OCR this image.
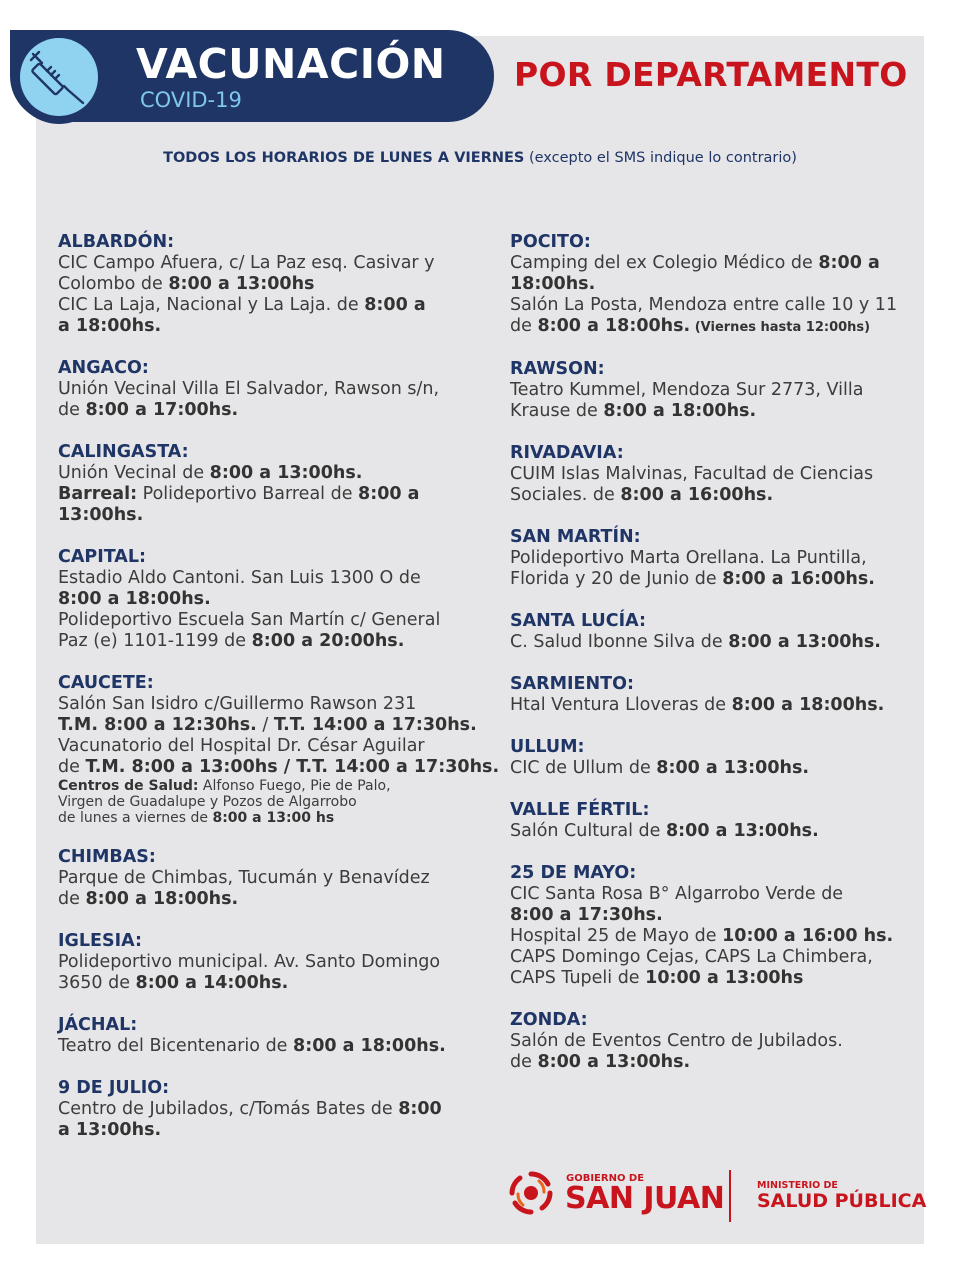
VACUNACIÓN
COVID-19
POR DEPARTAMENTO
TODOS LOS HORARIOS DE LUNES A VIERNES (excepto el SMS indique lo contrario)
ALBARDÓN:
CIC Campo Afuera, c/ La Paz esq. Casivar y
Colombo de 8:00 a 13:00hs
CIC La Laja, Nacional y La Laja. de 8:00 a
a 18:00hs.
ANGACO:
Unión Vecinal Villa El Salvador, Rawson s/n,
de 8:00 a 17:00hs.
CALINGASTA:
Unión Vecinal de 8:00 a 13:00hs.
Barreal: Polideportivo Barreal de 8:00 a
13:00hs.
CAPITAL:
Estadio Aldo Cantoni. San Luis 1300 O de
8:00 a 18:00hs.
Polideportivo Escuela San Martín c/ General
Paz (e) 1101-1199 de 8:00 a 20:00hs.
CAUCETE:
Salón San Isidro c/Guillermo Rawson 231
T.M. 8:00 a 12:30hs. / T.T. 14:00 a 17:30hs.
Vacunatorio del Hospital Dr. César Aguilar
de T.M. 8:00 a 13:00hs / T.T. 14:00 a 17:30hs.
Centros de Salud: Alfonso Fuego, Pie de Palo,
Virgen de Guadalupe y Pozos de Algarrobo
de lunes a viernes de 8:00 a 13:00 hs
CHIMBAS:
Parque de Chimbas, Tucumán y Benavídez
de 8:00 a 18:00hs.
IGLESIA:
Polideportivo municipal. Av. Santo Domingo
3650 de 8:00 a 14:00hs.
JÁCHAL:
Teatro del Bicentenario de 8:00 a 18:00hs.
9 DE JULIO:
Centro de Jubilados, c/Tomás Bates de 8:00
a 13:00hs.
POCITO:
Camping del ex Colegio Médico de 8:00 a
18:00hs.
Salón La Posta, Mendoza entre calle 10 y 11
de 8:00 a 18:00hs. (Viernes hasta 12:00hs)
RAWSON:
Teatro Kummel, Mendoza Sur 2773, Villa
Krause de 8:00 a 18:00hs.
RIVADAVIA:
CUIM Islas Malvinas, Facultad de Ciencias
Sociales. de 8:00 a 16:00hs.
SAN MARTÍN:
Polideportivo Marta Orellana. La Puntilla,
Florida y 20 de Junio de 8:00 a 16:00hs.
SANTA LUCÍA:
C. Salud Ibonne Silva de 8:00 a 13:00hs.
SARMIENTO:
Htal Ventura Lloveras de 8:00 a 18:00hs.
ULLUM:
CIC de Ullum de 8:00 a 13:00hs.
VALLE FÉRTIL:
Salón Cultural de 8:00 a 13:00hs.
25 DE MAYO:
CIC Santa Rosa B° Algarrobo Verde de
8:00 a 17:30hs.
Hospital 25 de Mayo de 10:00 a 16:00 hs.
CAPS Domingo Cejas, CAPS La Chimbera,
CAPS Tupeli de 10:00 a 13:00hs
ZONDA:
Salón de Eventos Centro de Jubilados.
de 8:00 a 13:00hs.
GOBIERNO DE
SAN JUAN	MINISTERIO DE
SALUD PÚBLICA
